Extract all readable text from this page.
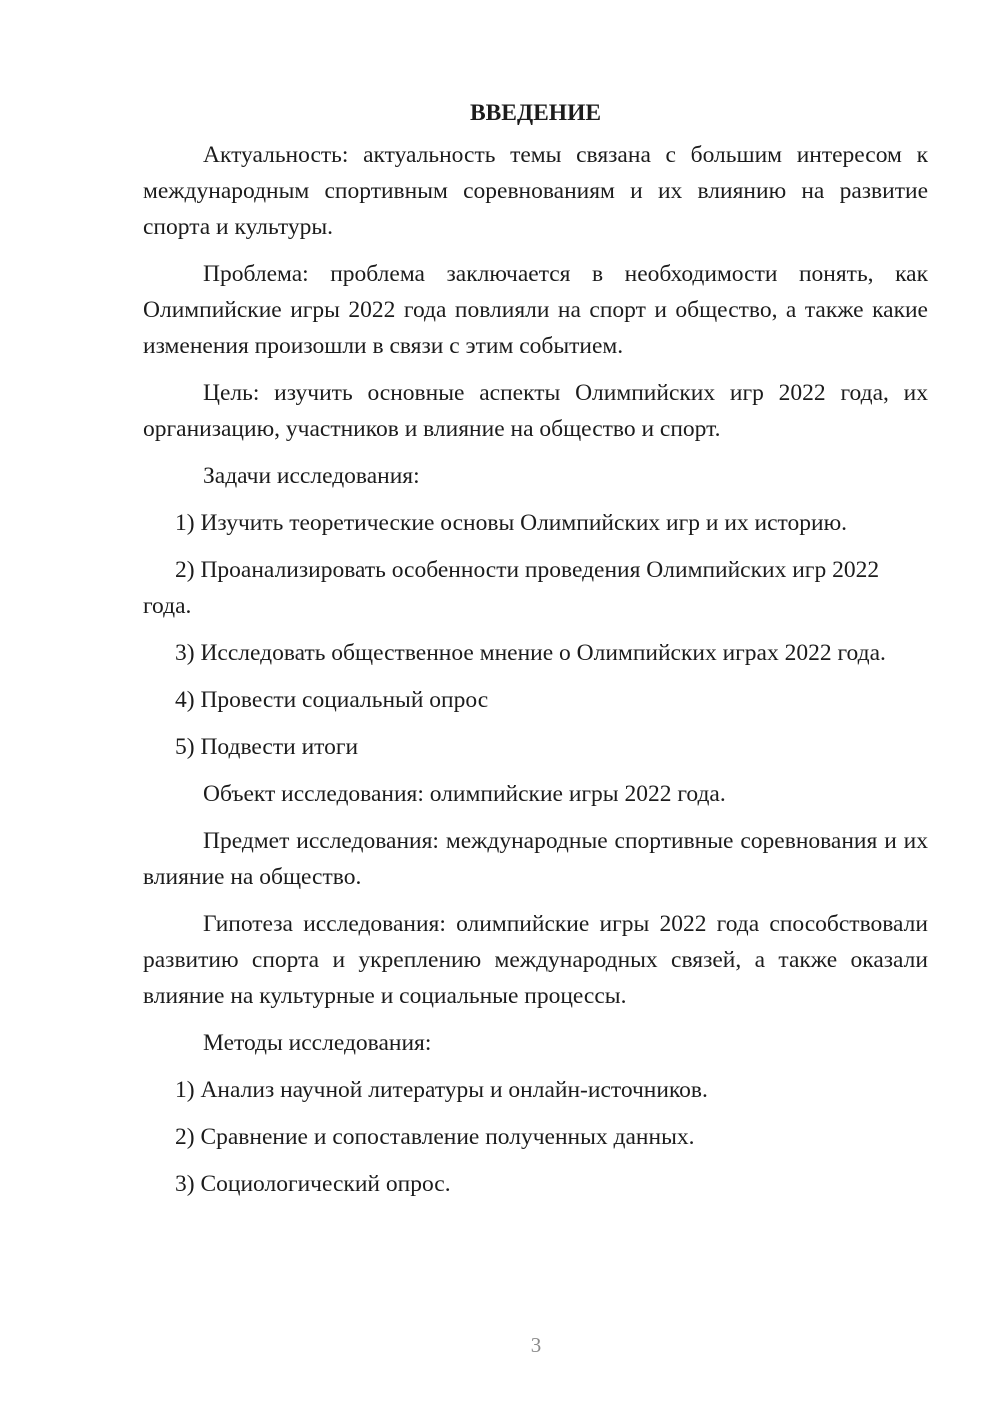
ВВЕДЕНИЕ

Актуальность: актуальность темы связана с большим интересом к международным спортивным соревнованиям и их влиянию на развитие спорта и культуры.

Проблема: проблема заключается в необходимости понять, как Олимпийские игры 2022 года повлияли на спорт и общество, а также какие изменения произошли в связи с этим событием.

Цель: изучить основные аспекты Олимпийских игр 2022 года, их организацию, участников и влияние на общество и спорт.

Задачи исследования:

1) Изучить теоретические основы Олимпийских игр и их историю.

2) Проанализировать особенности проведения Олимпийских игр 2022 года.

3) Исследовать общественное мнение о Олимпийских играх 2022 года.

4) Провести социальный опрос

5) Подвести итоги

Объект исследования: олимпийские игры 2022 года.

Предмет исследования: международные спортивные соревнования и их влияние на общество.

Гипотеза исследования: олимпийские игры 2022 года способствовали развитию спорта и укреплению международных связей, а также оказали влияние на культурные и социальные процессы.

Методы исследования:

1) Анализ научной литературы и онлайн-источников.

2) Сравнение и сопоставление полученных данных.

3) Социологический опрос.

3
